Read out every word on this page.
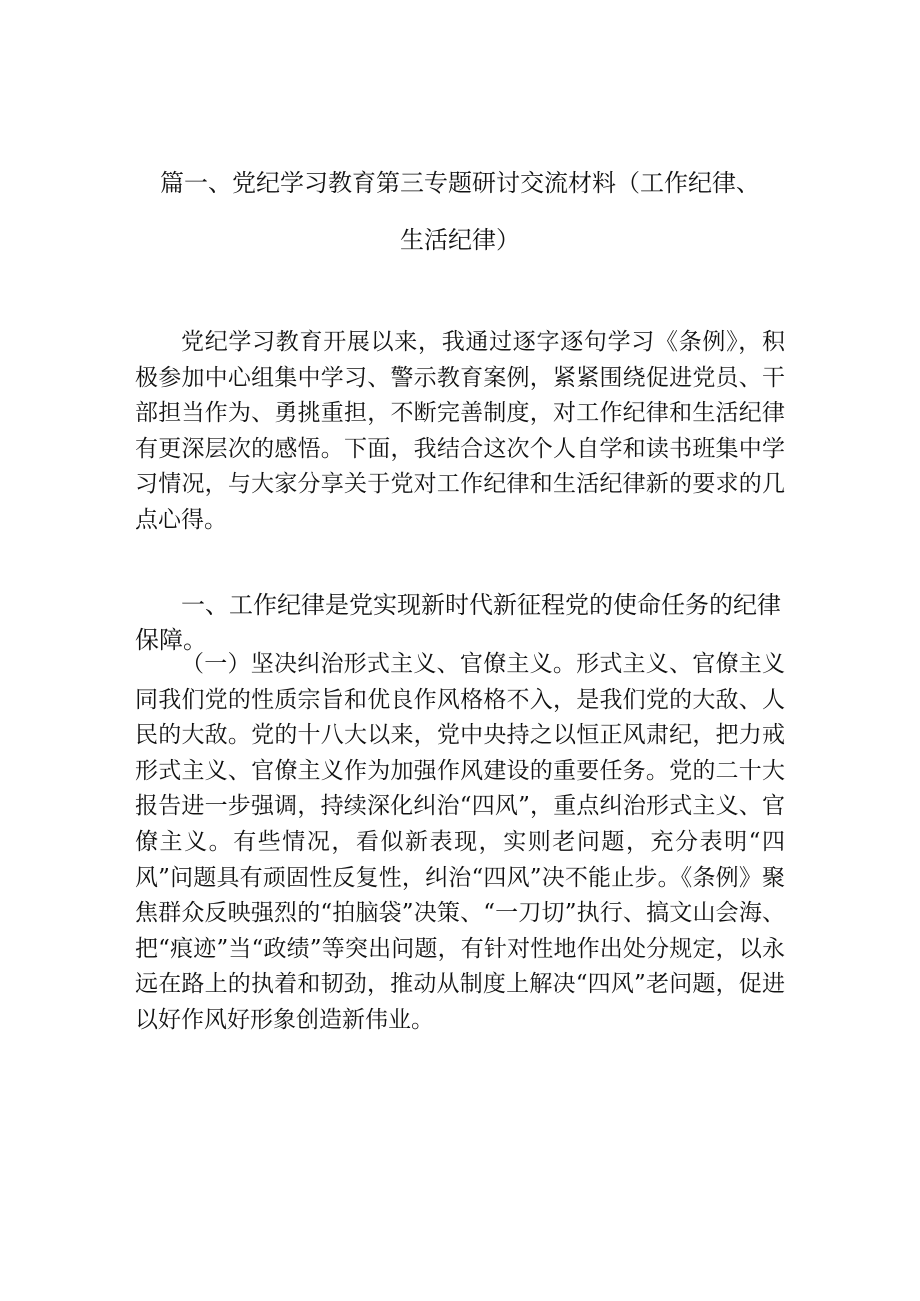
篇一、党纪学习教育第三专题研讨交流材料（工作纪律、
生活纪律）

党纪学习教育开展以来，我通过逐字逐句学习《条例》，积极参加中心组集中学习、警示教育案例，紧紧围绕促进党员、干部担当作为、勇挑重担，不断完善制度，对工作纪律和生活纪律有更深层次的感悟。下面，我结合这次个人自学和读书班集中学习情况，与大家分享关于党对工作纪律和生活纪律新的要求的几点心得。

一、工作纪律是党实现新时代新征程党的使命任务的纪律保障。

（一）坚决纠治形式主义、官僚主义。形式主义、官僚主义同我们党的性质宗旨和优良作风格格不入，是我们党的大敌、人民的大敌。党的十八大以来，党中央持之以恒正风肃纪，把力戒形式主义、官僚主义作为加强作风建设的重要任务。党的二十大报告进一步强调，持续深化纠治“四风”，重点纠治形式主义、官僚主义。有些情况，看似新表现，实则老问题，充分表明“四风”问题具有顽固性反复性，纠治“四风”决不能止步。《条例》聚焦群众反映强烈的“拍脑袋”决策、“一刀切”执行、搞文山会海、把“痕迹”当“政绩”等突出问题，有针对性地作出处分规定，以永远在路上的执着和韧劲，推动从制度上解决“四风”老问题，促进以好作风好形象创造新伟业。
